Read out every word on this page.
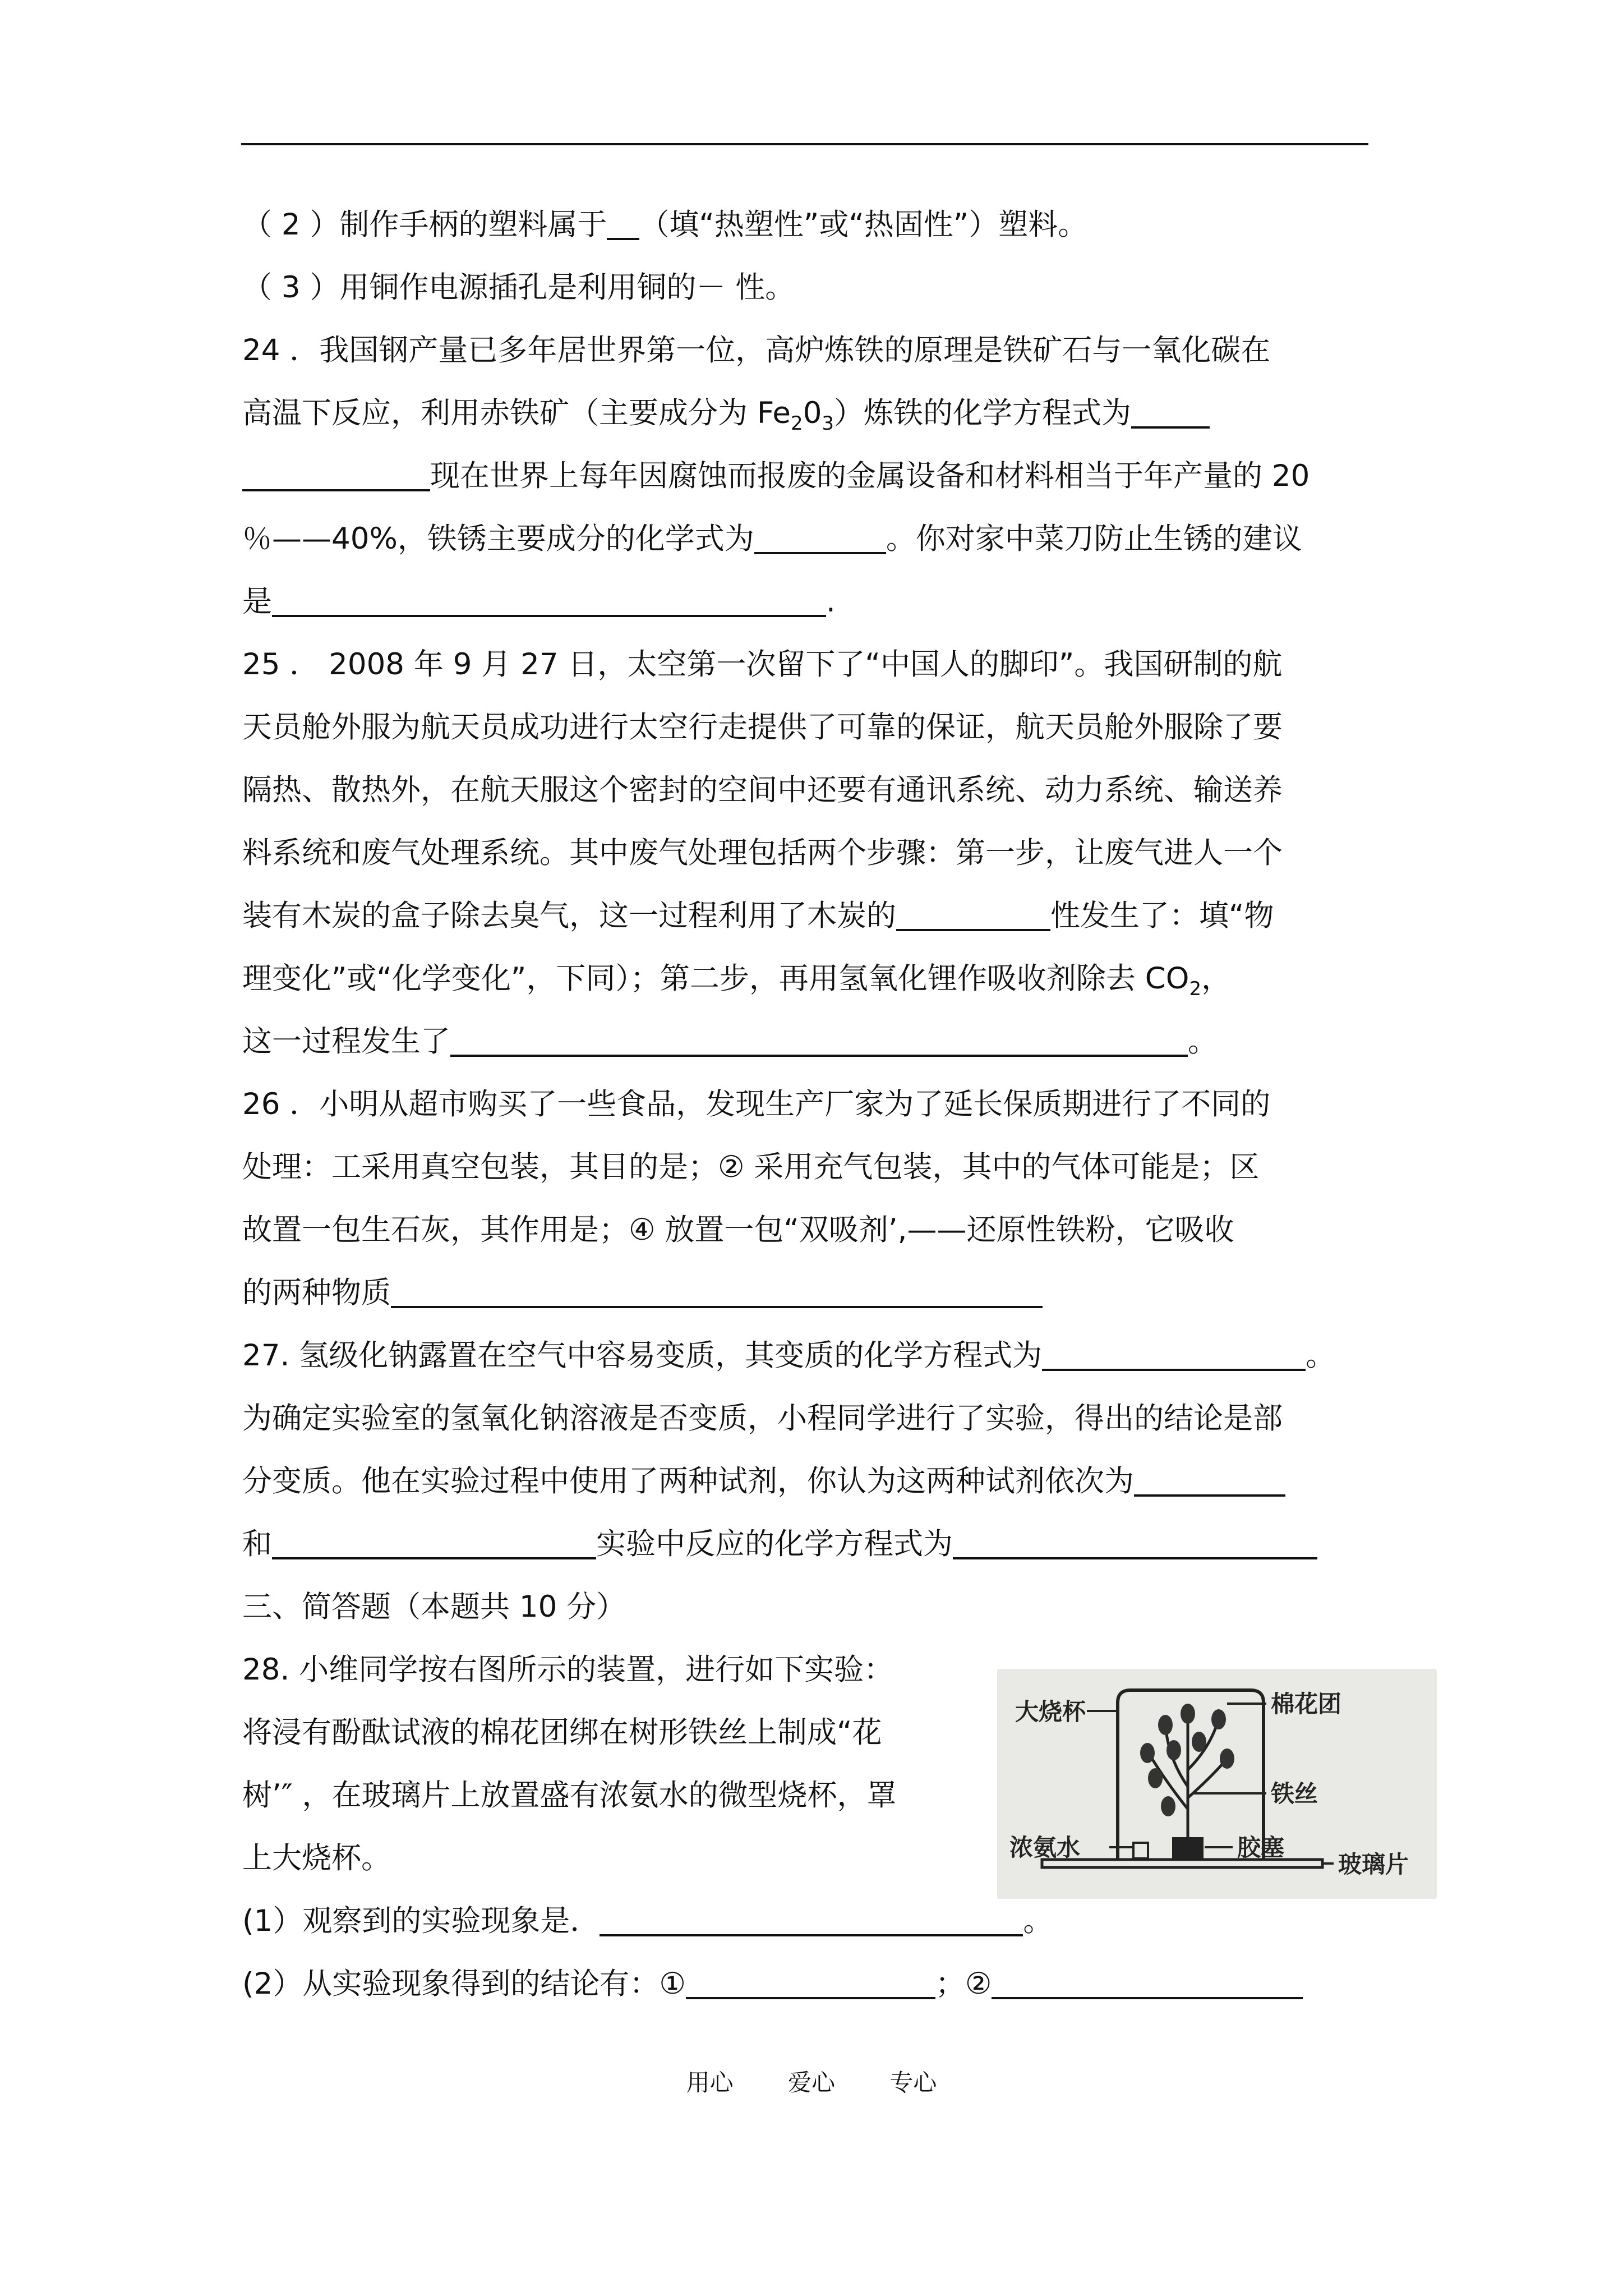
（ 2 ）制作手柄的塑料属于 （填“热塑性”或“热固性”）塑料。
（ 3 ）用铜作电源插孔是利用铜的－ 性。
24 ．我国钢产量已多年居世界第一位，高炉炼铁的原理是铁矿石与一氧化碳在
高温下反应，利用赤铁矿（主要成分为 $Fe_20_3$）炼铁的化学方程式为
现在世界上每年因腐蚀而报废的金属设备和材料相当于年产量的 20
％——40%，铁锈主要成分的化学式为	。你对家中菜刀防止生锈的建议
是	.
25 ． 2008 年 9 月 27 日，太空第一次留下了“中国人的脚印”。我国研制的航
天员舱外服为航天员成功进行太空行走提供了可靠的保证，航天员舱外服除了要
隔热、散热外，在航天服这个密封的空间中还要有通讯系统、动力系统、输送养
料系统和废气处理系统。其中废气处理包括两个步骤：第一步，让废气进人一个
装有木炭的盒子除去臭气，这一过程利用了木炭的	性发生了：填“物
理变化”或“化学变化”，下同）；第二步，再用氢氧化锂作吸收剂除去 $CO_2$，
这一过程发生了	。
26 ．小明从超市购买了一些食品，发现生产厂家为了延长保质期进行了不同的
处理：工采用真空包装，其目的是；② 采用充气包装，其中的气体可能是；区
故置一包生石灰，其作用是；④ 放置一包“双吸剂’,——还原性铁粉，它吸收
的两种物质
27. 氢级化钠露置在空气中容易变质，其变质的化学方程式为	。
为确定实验室的氢氧化钠溶液是否变质，小程同学进行了实验，得出的结论是部
分变质。他在实验过程中使用了两种试剂，你认为这两种试剂依次为
和	实验中反应的化学方程式为
三、简答题（本题共 10 分）
28. 小维同学按右图所示的装置，进行如下实验：
将浸有酚酞试液的棉花团绑在树形铁丝上制成“花
树’″ ，在玻璃片上放置盛有浓氨水的微型烧杯，罩
上大烧杯。
(1）观察到的实验现象是．	。
(2）从实验现象得到的结论有：①	；②
大烧杯	棉花团
铁丝
浓氨水	胶塞
玻璃片
用心 爱心 专心
